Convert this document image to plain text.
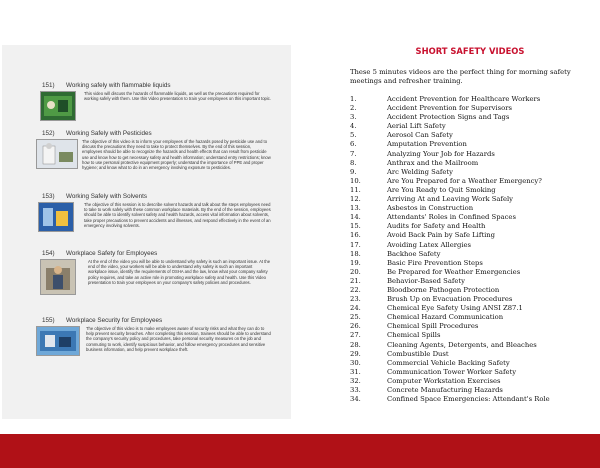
151) Working safely with flammable liquids
This video will discuss the hazards of flammable liquids, as well as the precautions required for working safely with them. Use this Video presentation to train your employees on this important topic.
152) Working Safely with Pesticides
The objective of this video is to inform your employees of the hazards posed by pesticide use and to discuss the precautions they need to take to protect themselves. By the end of this session, employees should be able to recognize the hazards and health effects that can result from pesticide use and know how to get necessary safety and health information; understand entry restrictions; know how to use personal protective equipment properly; understand the importance of PPE and proper hygiene; and know what to do in an emergency involving exposure to pesticides.
153) Working Safely with Solvents
The objective of this session is to describe solvent hazards and talk about the steps employees need to take to work safely with these common workplace materials. By the end of the session, employees should be able to identify solvent safety and health hazards, access vital information about solvents, take proper precautions to prevent accidents and illnesses, and respond effectively in the event of an emergency involving solvents.
154) Workplace Safety for Employees
At the end of the video you will be able to understand why safety is such an important issue. At the end of the video, your workers will be able to understand why safety is such an important workplace issue, identify the requirements of OSHA and the law, know what your company safety policy requires, and take an active role in promoting workplace safety and health. Use this Video presentation to train your employees on your company's safety policies and procedures.
155) Workplace Security for Employees
The objective of this video is to make employees aware of security risks and what they can do to help prevent security breaches. After completing this session, trainees should be able to understand the company's security policy and procedures, take personal security measures on the job and commuting to work, identify suspicious behavior, and follow emergency procedures and sensitive business information, and help prevent workplace theft.
SHORT SAFETY VIDEOS
These 5 minutes videos are the perfect thing for morning safety meetings and refresher training.
1.	Accident Prevention for Healthcare Workers
2.	Accident Prevention for Supervisors
3.	Accident Protection Signs and Tags
4.	Aerial Lift Safety
5.	Aerosol Can Safety
6.	Amputation Prevention
7.	Analyzing Your Job for Hazards
8.	Anthrax and the Mailroom
9.	Arc Welding Safety
10.	Are You Prepared for a Weather Emergency?
11.	Are You Ready to Quit Smoking
12.	Arriving At and Leaving Work Safely
13.	Asbestos in Construction
14.	Attendants' Roles in Confined Spaces
15.	Audits for Safety and Health
16.	Avoid Back Pain by Safe Lifting
17.	Avoiding Latex Allergies
18.	Backhoe Safety
19.	Basic Fire Prevention Steps
20.	Be Prepared for Weather Emergencies
21.	Behavior-Based Safety
22.	Bloodborne Pathogen Protection
23.	Brush Up on Evacuation Procedures
24.	Chemical Eye Safety Using ANSI Z87.1
25.	Chemical Hazard Communication
26.	Chemical Spill Procedures
27.	Chemical Spills
28.	Cleaning Agents, Detergents, and Bleaches
29.	Combustible Dust
30.	Commercial Vehicle Backing Safety
31.	Communication Tower Worker Safety
32.	Computer Workstation Exercises
33.	Concrete Manufacturing Hazards
34.	Confined Space Emergencies: Attendant's Role
